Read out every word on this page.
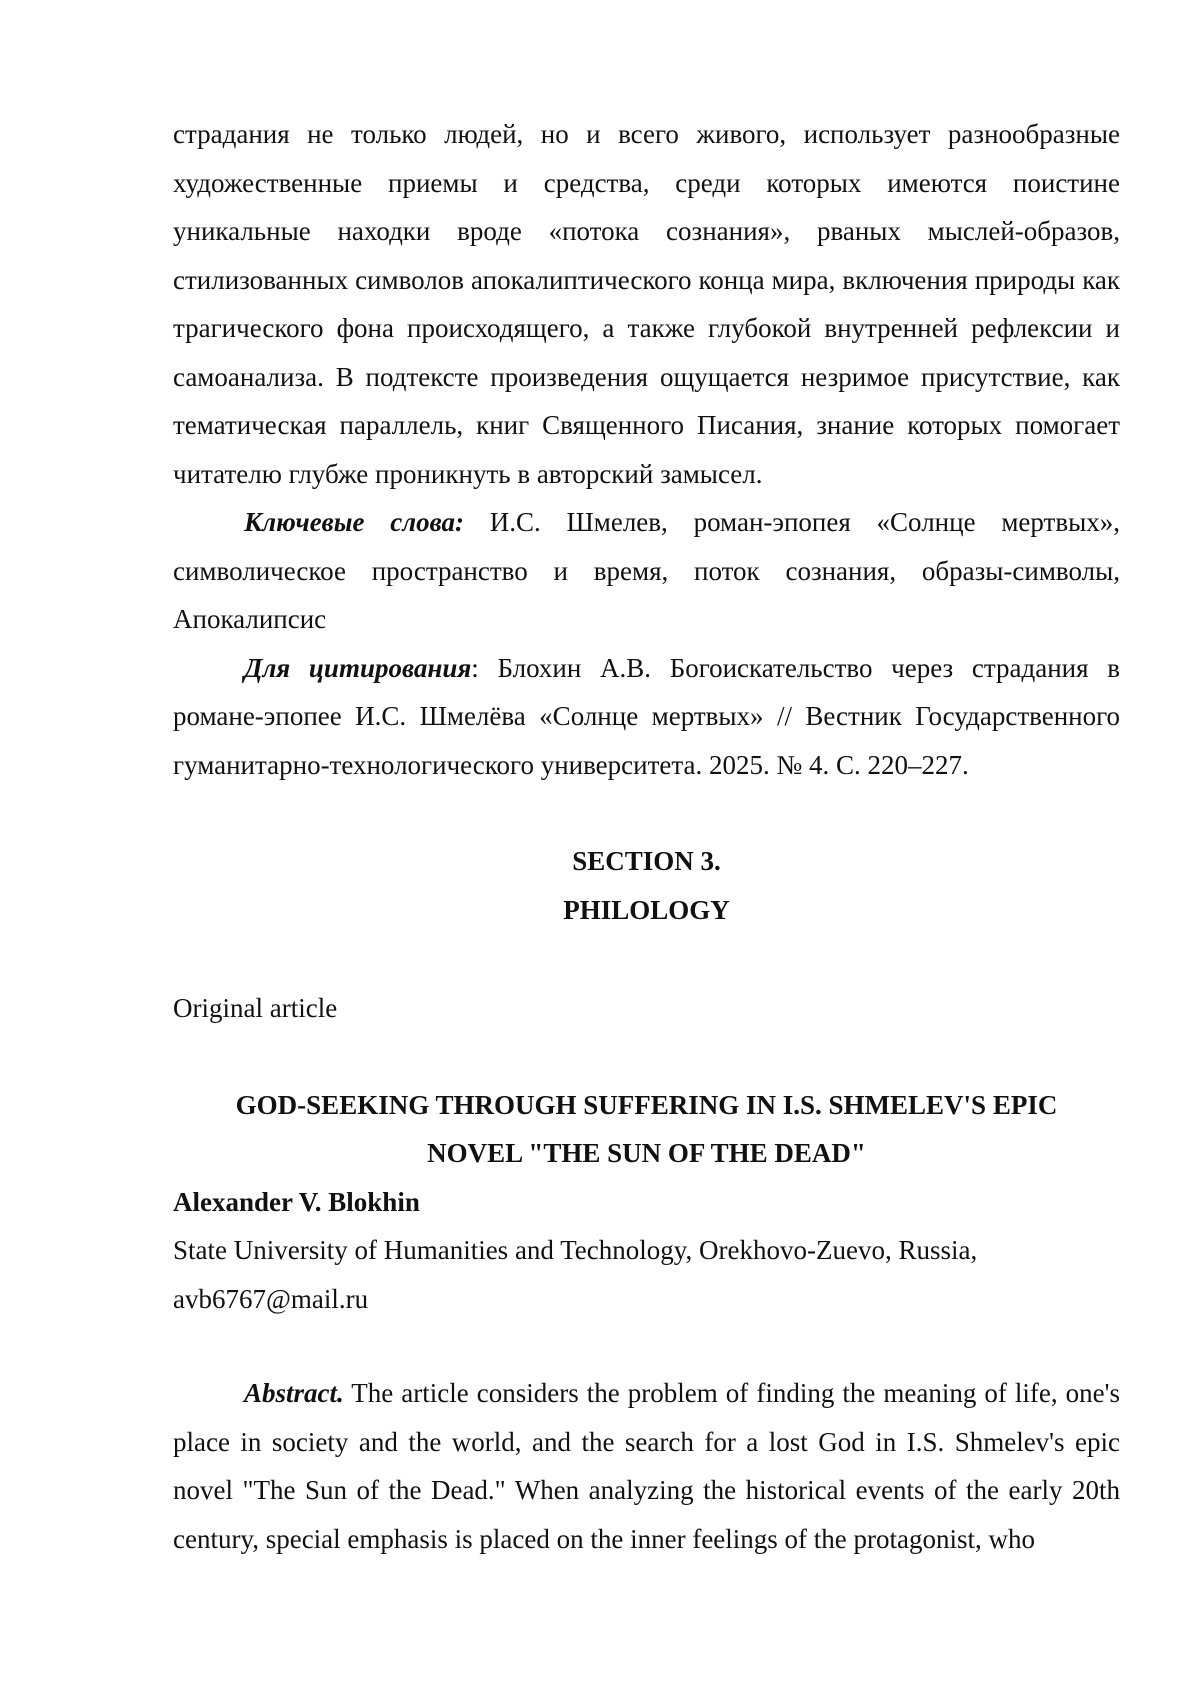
страдания не только людей, но и всего живого, использует разнообразные художественные приемы и средства, среди которых имеются поистине уникальные находки вроде «потока сознания», рваных мыслей-образов, стилизованных символов апокалиптического конца мира, включения природы как трагического фона происходящего, а также глубокой внутренней рефлексии и самоанализа. В подтексте произведения ощущается незримое присутствие, как тематическая параллель, книг Священного Писания, знание которых помогает читателю глубже проникнуть в авторский замысел.

Ключевые слова: И.С. Шмелев, роман-эпопея «Солнце мертвых», символическое пространство и время, поток сознания, образы-символы, Апокалипсис

Для цитирования: Блохин А.В. Богоискательство через страдания в романе-эпопее И.С. Шмелёва «Солнце мертвых» // Вестник Государственного гуманитарно-технологического университета. 2025. № 4. С. 220–227.

SECTION 3.

PHILOLOGY

Original article

GOD-SEEKING THROUGH SUFFERING IN I.S. SHMELEV'S EPIC

NOVEL "THE SUN OF THE DEAD"

Alexander V. Blokhin

State University of Humanities and Technology, Orekhovo-Zuevo, Russia,

avb6767@mail.ru

Abstract. The article considers the problem of finding the meaning of life, one's place in society and the world, and the search for a lost God in I.S. Shmelev's epic novel "The Sun of the Dead." When analyzing the historical events of the early 20th century, special emphasis is placed on the inner feelings of the protagonist, who
